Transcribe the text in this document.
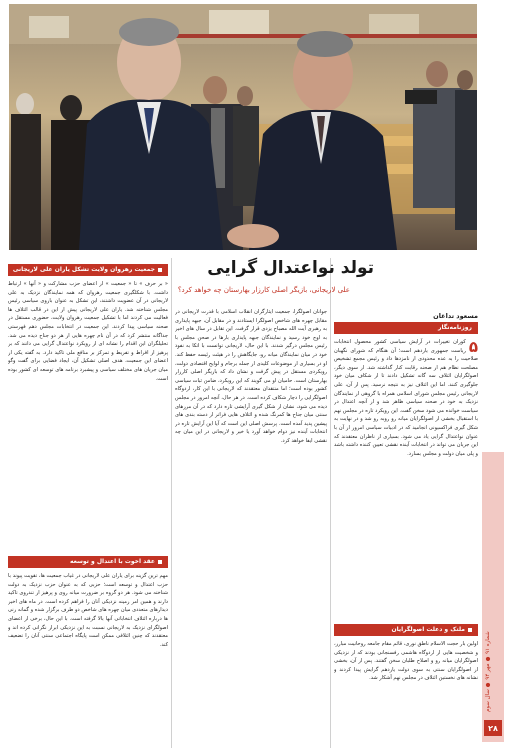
تولد نواعتدال گرایی
علی لاریجانی، بازیگر اصلی کارزار بهارستان چه خواهد کرد؟
مسعود تداغان
روزنامه‌نگار
۵
کوران تغییرات در آرایش سیاسی کشور محصول انتخابات ریاست جمهوری یازدهم است؛ آن هنگام که شورای نگهبان صلاحیت را به عده محدودی از نامزدها داد و رئیس مجمع تشخیص مصلحت نظام هم از صحنه رقابت کنار گذاشته شد. از سوی دیگر، اصولگرایان ائتلاف سه گانه تشکیل دادند تا از شکاف میان خود جلوگیری کنند. اما این ائتلاف نیز به نتیجه نرسید. پس از آن، علی لاریجانی رئیس مجلس شورای اسلامی همراه با گروهی از نمایندگان نزدیک به خود در صحنه سیاسی ظاهر شد و از آنچه اعتدال در سیاست خوانده می شود سخن گفت. این رویکرد تازه در مجلس نهم با استقبال بخشی از اصولگرایان میانه رو روبه رو شد و در نهایت به شکل گیری فراکسیونی انجامید که در ادبیات سیاسی امروز از آن با عنوان نواعتدال گرایی یاد می شود. بسیاری از ناظران معتقدند که این جریان می تواند در انتخابات آینده نقشی تعیین کننده داشته باشد و پلی میان دولت و مجلس بسازد.
ملتک و دعلت اصولگرایان

اولین بار حجت الاسلام ناطق نوری، قائم مقام جامعه روحانیت مبارز، و شخصیت هایی از اردوگاه هاشمی رفسنجانی بودند که از نزدیکی اصولگرایان میانه رو و اصلاح طلبان سخن گفتند. پس از آن، بخشی از اصولگرایان سنتی به سوی دولت یازدهم گرایش پیدا کردند و نشانه های نخستین ائتلاف در مجلس نهم آشکار شد.

جوانان اصولگرا، جمعیت ایثارگران انقلاب اسلامی با قدرت لاریجانی در مقابل چهره های شاخص اصولگرا ایستادند و در مقابل آن، جبهه پایداری به رهبری آیت الله مصباح یزدی قرار گرفت. این تقابل در سال های اخیر به اوج خود رسید و نمایندگان جبهه پایداری بارها در صحن مجلس با رئیس مجلس درگیر شدند. با این حال، لاریجانی توانست با اتکا به نفوذ خود در میان نمایندگان میانه رو، جایگاهش را در هیئت رئیسه حفظ کند. او در بسیاری از موضوعات کلیدی از جمله برجام و لوایح اقتصادی دولت، رویکردی مستقل در پیش گرفت و نشان داد که بازیگر اصلی کارزار بهارستان است. حامیان او می گویند که این رویکرد، ضامن ثبات سیاسی کشور بوده است؛ اما منتقدان معتقدند که لاریجانی با این کار، اردوگاه اصولگرایی را دچار شکاف کرده است. در هر حال، آنچه امروز در مجلس دیده می شود، نشان از شکل گیری آرایشی تازه دارد که در آن مرزهای سنتی میان جناح ها کمرنگ شده و ائتلاف هایی فراتر از دسته بندی های پیشین پدید آمده است. پرسش اصلی این است که آیا این آرایش تازه در انتخابات آینده نیز دوام خواهد آورد یا خیر و لاریجانی در این میان چه نقشی ایفا خواهد کرد.

جمعیت رهروان ولایت تشکل یاران علی لاریجانی

« بر حرف » تا « جمعیت » از اعضای حزب مشارکت و « آنها » ارتباط داشت. با شکلگیری جمعیت رهروان که همه نمایندگان نزدیک به علی لاریجانی در آن عضویت داشتند، این تشکل به عنوان بازوی سیاسی رئیس مجلس شناخته شد. یاران علی لاریجانی پیش از این در قالب ائتلاف ها فعالیت می کردند اما با تشکیل جمعیت رهروان ولایت، حضوری مستقل در صحنه سیاسی پیدا کردند. این جمعیت در انتخابات مجلس دهم فهرستی جداگانه منتشر کرد که در آن نام چهره هایی از هر دو جناح دیده می شد. تحلیلگران این اقدام را نشانه ای از رویکرد نواعتدال گرایی می دانند که بر پرهیز از افراط و تفریط و تمرکز بر منافع ملی تاکید دارد. به گفته یکی از اعضای این جمعیت، هدف اصلی تشکیل آن، ایجاد فضایی برای گفت وگو میان جریان های مختلف سیاسی و پیشبرد برنامه های توسعه ای کشور بوده است.

عقد اخوت با اعتدال و توسعه

مهم ترین گزینه برای یاران علی لاریجانی در غیاب جمعیت ها، تقویت پیوند با حزب اعتدال و توسعه است؛ حزبی که به عنوان حزب نزدیک به دولت شناخته می شود. هر دو گروه بر ضرورت میانه روی و پرهیز از تندروی تاکید دارند و همین امر زمینه نزدیکی آنان را فراهم کرده است. در ماه های اخیر دیدارهای متعددی میان چهره های شاخص دو طرف برگزار شده و گمانه زنی ها درباره ائتلاف انتخاباتی آنها بالا گرفته است. با این حال، برخی از اعضای اصولگرای نزدیک به لاریجانی نسبت به این نزدیکی ابراز نگرانی کرده اند و معتقدند که چنین ائتلافی ممکن است پایگاه اجتماعی سنتی آنان را تضعیف کند.

شماره ۹۱ ● مهر ۹۴ ● سال سوم
۲۸
